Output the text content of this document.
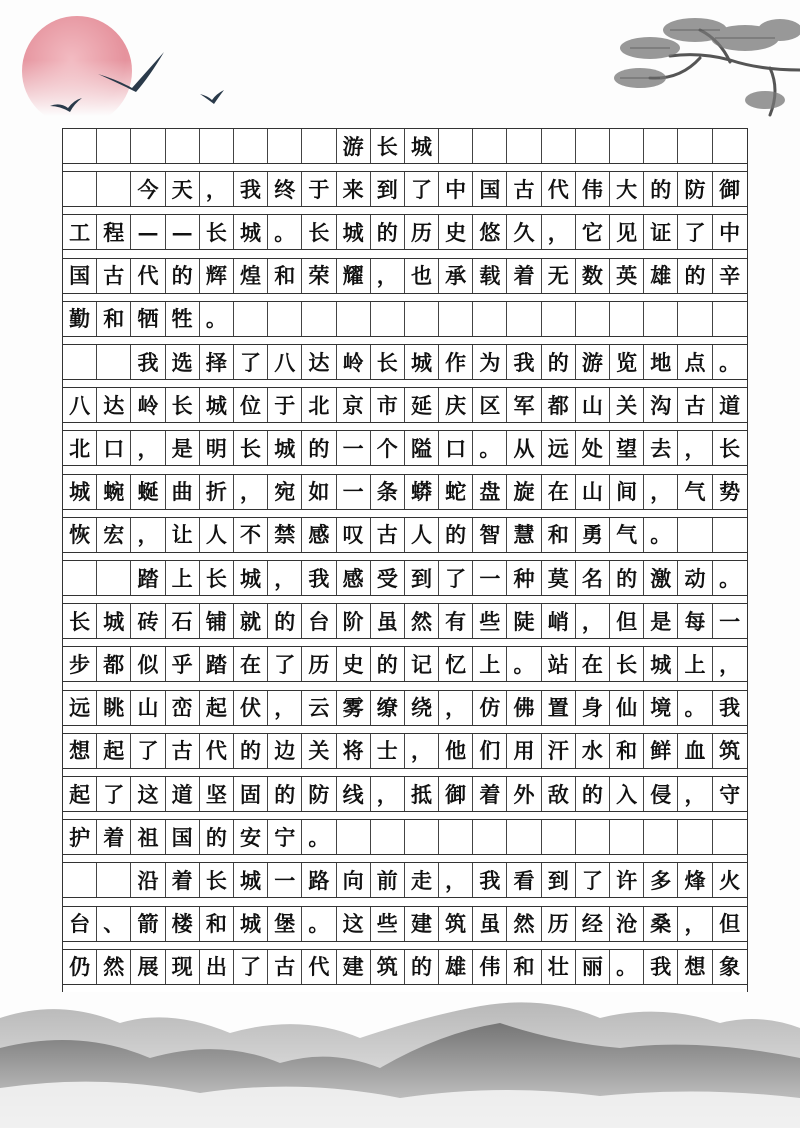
游 长 城
今 天 ， 我 终 于 来 到 了 中 国 古 代 伟 大 的 防 御
工 程 — — 长 城 。 长 城 的 历 史 悠 久 ， 它 见 证 了 中
国 古 代 的 辉 煌 和 荣 耀 ， 也 承 载 着 无 数 英 雄 的 辛
勤 和 牺 牲 。
我 选 择 了 八 达 岭 长 城 作 为 我 的 游 览 地 点 。
八 达 岭 长 城 位 于 北 京 市 延 庆 区 军 都 山 关 沟 古 道
北 口 ， 是 明 长 城 的 一 个 隘 口 。 从 远 处 望 去 ， 长
城 蜿 蜒 曲 折 ， 宛 如 一 条 蟒 蛇 盘 旋 在 山 间 ， 气 势
恢 宏 ， 让 人 不 禁 感 叹 古 人 的 智 慧 和 勇 气 。
踏 上 长 城 ， 我 感 受 到 了 一 种 莫 名 的 激 动 。
长 城 砖 石 铺 就 的 台 阶 虽 然 有 些 陡 峭 ， 但 是 每 一
步 都 似 乎 踏 在 了 历 史 的 记 忆 上 。 站 在 长 城 上 ，
远 眺 山 峦 起 伏 ， 云 雾 缭 绕 ， 仿 佛 置 身 仙 境 。 我
想 起 了 古 代 的 边 关 将 士 ， 他 们 用 汗 水 和 鲜 血 筑
起 了 这 道 坚 固 的 防 线 ， 抵 御 着 外 敌 的 入 侵 ， 守
护 着 祖 国 的 安 宁 。
沿 着 长 城 一 路 向 前 走 ， 我 看 到 了 许 多 烽 火
台 、 箭 楼 和 城 堡 。 这 些 建 筑 虽 然 历 经 沧 桑 ， 但
仍 然 展 现 出 了 古 代 建 筑 的 雄 伟 和 壮 丽 。 我 想 象
